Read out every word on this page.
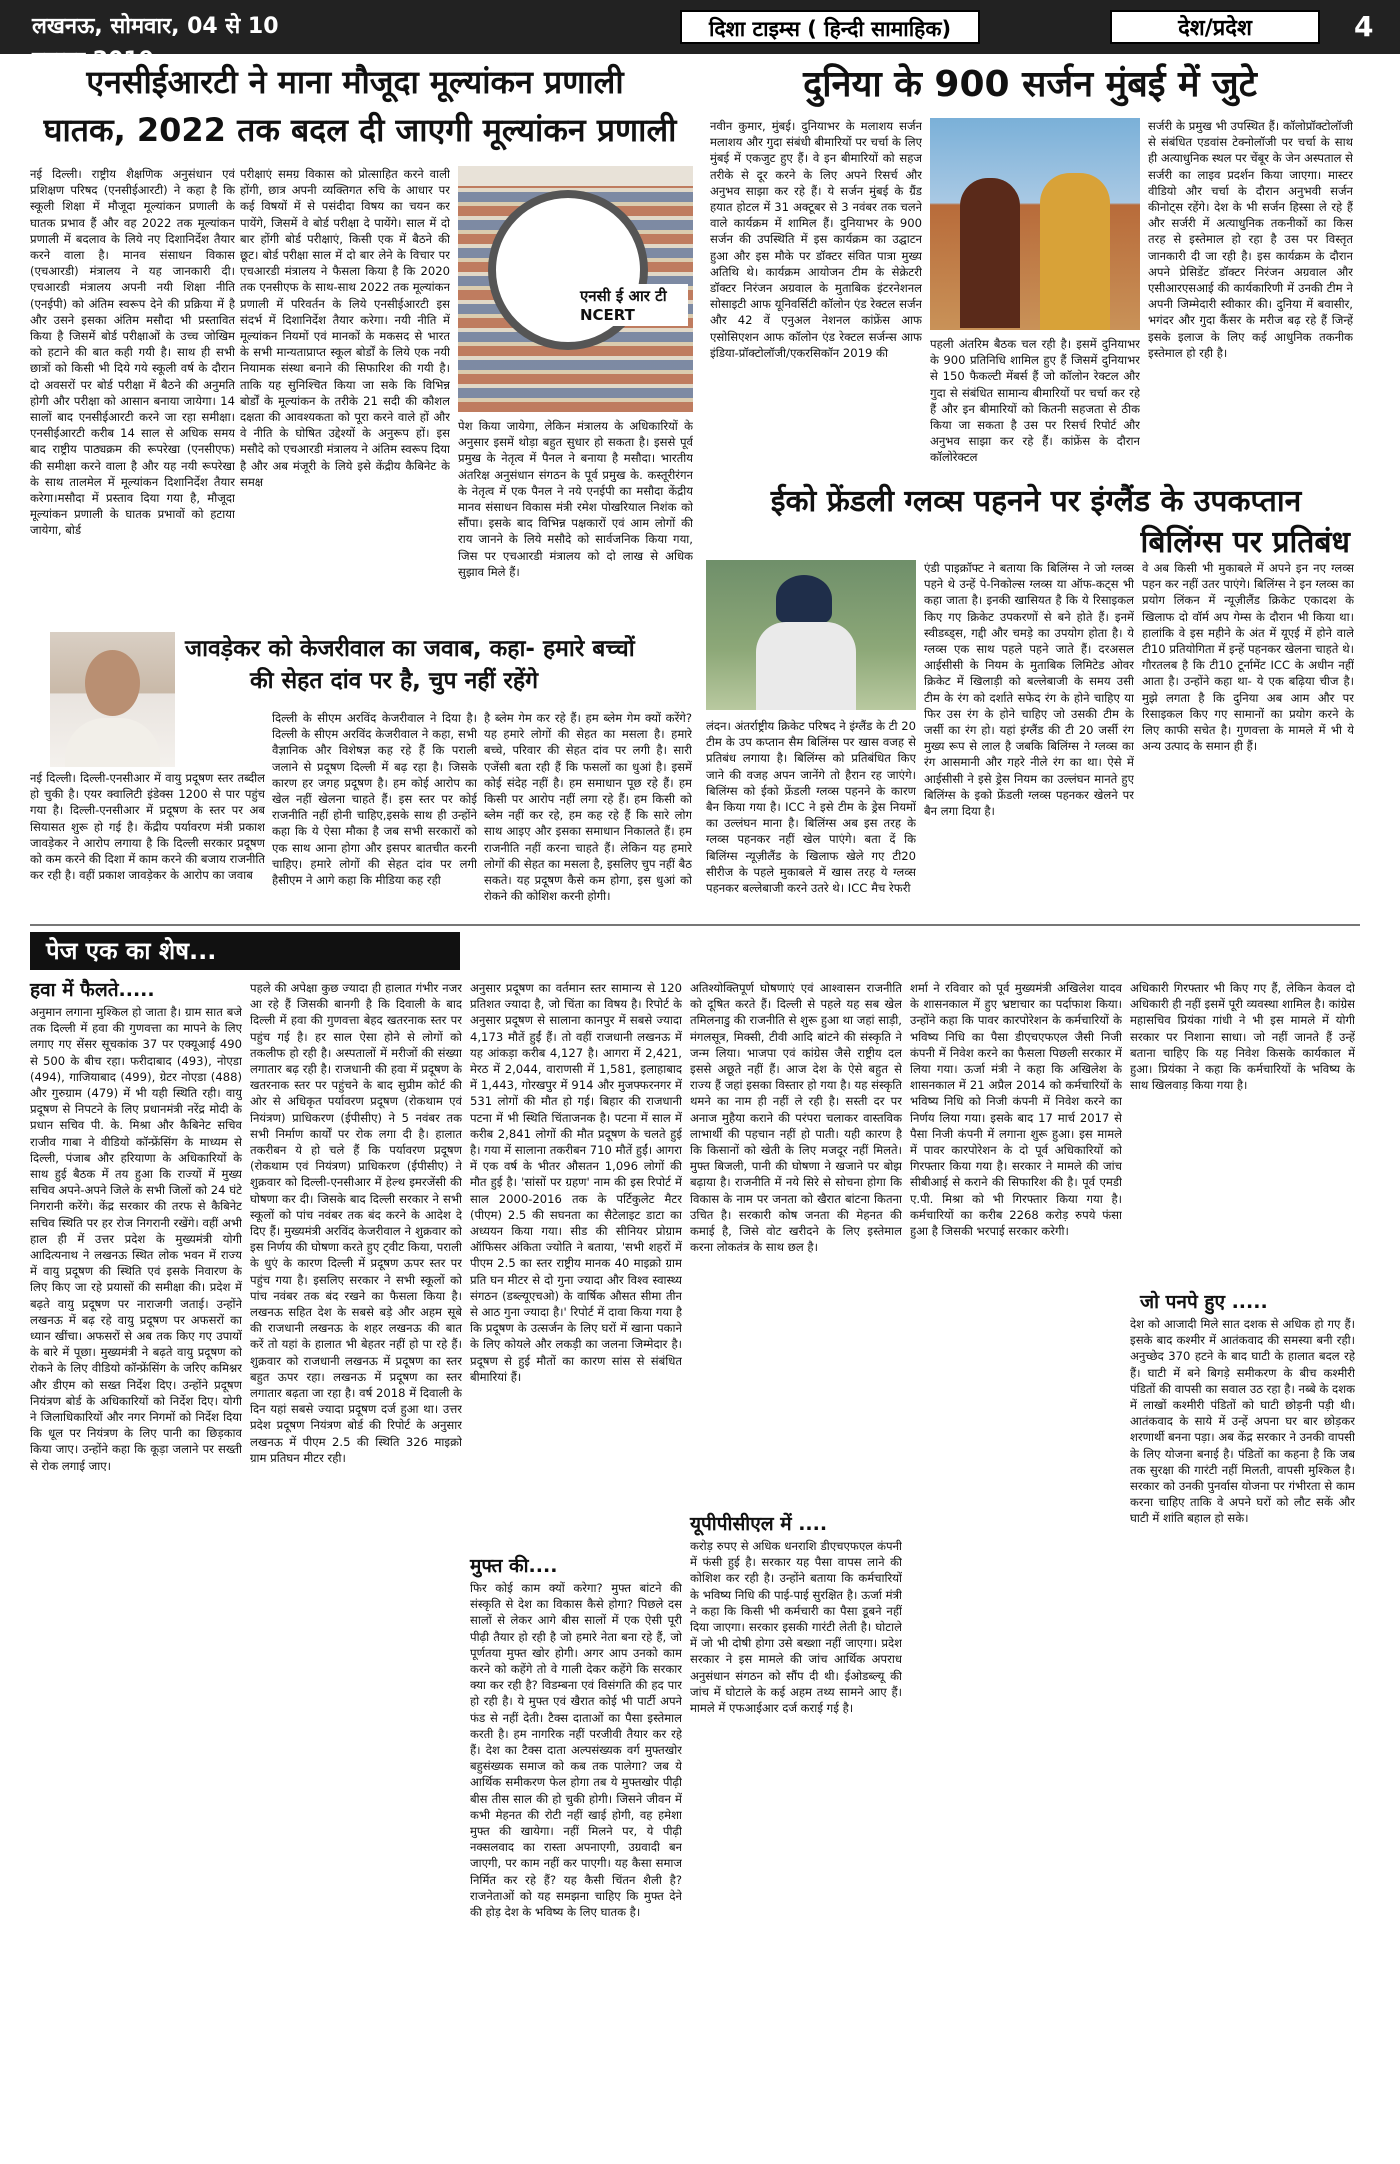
लखनऊ, सोमवार, 04 से 10 नवम्बर 2019
दिशा टाइम्स ( हिन्दी सामाहिक)	देश/प्रदेश	4
एनसीईआरटी ने माना मौजूदा मूल्यांकन प्रणाली
घातक, 2022 तक बदल दी जाएगी मूल्यांकन प्रणाली
नई दिल्ली। राष्ट्रीय शैक्षणिक अनुसंधान एवं प्रशिक्षण परिषद (एनसीईआरटी) ने कहा है कि स्कूली शिक्षा में मौजूदा मूल्यांकन प्रणाली के घातक प्रभाव हैं और वह 2022 तक मूल्यांकन प्रणाली में बदलाव के लिये नए दिशानिर्देश तैयार करने वाला है। मानव संसाधन विकास (एचआरडी) मंत्रालय ने यह जानकारी दी। एचआरडी मंत्रालय अपनी नयी शिक्षा नीति (एनईपी) को अंतिम स्वरूप देने की प्रक्रिया में है और उसने इसका अंतिम मसौदा भी प्रस्तावित किया है जिसमें बोर्ड परीक्षाओं के उच्च जोखिम को हटाने की बात कही गयी है। साथ ही सभी छात्रों को किसी भी दिये गये स्कूली वर्ष के दौरान दो अवसरों पर बोर्ड परीक्षा में बैठने की अनुमति होगी और परीक्षा को आसान बनाया जायेगा। 14 सालों बाद एनसीईआरटी करने जा रहा समीक्षा। एनसीईआरटी करीब 14 साल से अधिक समय बाद राष्ट्रीय पाठ्यक्रम की रूपरेखा (एनसीएफ) की समीक्षा करने वाला है और यह नयी रूपरेखा के साथ तालमेल में मूल्यांकन दिशानिर्देश तैयार करेगा।मसौदा में प्रस्ताव दिया गया है, मौजूदा मूल्यांकन प्रणाली के घातक प्रभावों को हटाया जायेगा, बोर्ड
परीक्षाएं समग्र विकास को प्रोत्साहित करने वाली होंगी, छात्र अपनी व्यक्तिगत रुचि के आधार पर कई विषयों में से पसंदीदा विषय का चयन कर पायेंगे, जिसमें वे बोर्ड परीक्षा दे पायेंगे। साल में दो बार होंगी बोर्ड परीक्षाएं, किसी एक में बैठने की छूट। बोर्ड परीक्षा साल में दो बार लेने के विचार पर एचआरडी मंत्रालय ने फैसला किया है कि 2020 तक एनसीएफ के साथ-साथ 2022 तक मूल्यांकन प्रणाली में परिवर्तन के लिये एनसीईआरटी इस संदर्भ में दिशानिर्देश तैयार करेगा। नयी नीति में मूल्यांकन नियमों एवं मानकों के मकसद से भारत के सभी मान्यताप्राप्त स्कूल बोर्डों के लिये एक नयी नियामक संस्था बनाने की सिफारिश की गयी है। ताकि यह सुनिश्चित किया जा सके कि विभिन्न बोर्डों के मूल्यांकन के तरीके 21 सदी की कौशल दक्षता की आवश्यकता को पूरा करने वाले हों और वे नीति के घोषित उद्देश्यों के अनुरूप हों। इस मसौदे को एचआरडी मंत्रालय ने अंतिम स्वरूप दिया है और अब मंजूरी के लिये इसे केंद्रीय कैबिनेट के समक्ष
एनसी ई आर टी NCERT
पेश किया जायेगा, लेकिन मंत्रालय के अधिकारियों के अनुसार इसमें थोड़ा बहुत सुधार हो सकता है। इससे पूर्व प्रमुख के नेतृत्व में पैनल ने बनाया है मसौदा। भारतीय अंतरिक्ष अनुसंधान संगठन के पूर्व प्रमुख के. कस्तूरीरंगन के नेतृत्व में एक पैनल ने नये एनईपी का मसौदा केंद्रीय मानव संसाधन विकास मंत्री रमेश पोखरियाल निशंक को सौंपा। इसके बाद विभिन्न पक्षकारों एवं आम लोगों की राय जानने के लिये मसौदे को सार्वजनिक किया गया, जिस पर एचआरडी मंत्रालय को दो लाख से अधिक सुझाव मिले हैं।
जावड़ेकर को केजरीवाल का जवाब, कहा- हमारे बच्चों
की सेहत दांव पर है, चुप नहीं रहेंगे
नई दिल्ली। दिल्ली-एनसीआर में वायु प्रदूषण स्तर तब्दील हो चुकी है। एयर क्वालिटी इंडेक्स 1200 से पार पहुंच गया है। दिल्ली-एनसीआर में प्रदूषण के स्तर पर अब सियासत शुरू हो गई है। केंद्रीय पर्यावरण मंत्री प्रकाश जावड़ेकर ने आरोप लगाया है कि दिल्ली सरकार प्रदूषण को कम करने की दिशा में काम करने की बजाय राजनीति कर रही है। वहीं प्रकाश जावड़ेकर के आरोप का जवाब
दिल्ली के सीएम अरविंद केजरीवाल ने दिया है। दिल्ली के सीएम अरविंद केजरीवाल ने कहा, सभी वैज्ञानिक और विशेषज्ञ कह रहे हैं कि पराली जलाने से प्रदूषण दिल्ली में बढ़ रहा है। जिसके कारण हर जगह प्रदूषण है। हम कोई आरोप का खेल नहीं खेलना चाहते हैं। इस स्तर पर कोई राजनीति नहीं होनी चाहिए,इसके साथ ही उन्होंने कहा कि ये ऐसा मौका है जब सभी सरकारों को एक साथ आना होगा और इसपर बातचीत करनी चाहिए। हमारे लोगों की सेहत दांव पर लगी हैसीएम ने आगे कहा कि मीडिया कह रही
है ब्लेम गेम कर रहे हैं। हम ब्लेम गेम क्यों करेंगे? यह हमारे लोगों की सेहत का मसला है। हमारे बच्चे, परिवार की सेहत दांव पर लगी है। सारी एजेंसी बता रही हैं कि फसलों का धुआं है। इसमें कोई संदेह नहीं है। हम समाधान पूछ रहे हैं। हम किसी पर आरोप नहीं लगा रहे हैं। हम किसी को ब्लेम नहीं कर रहे, हम कह रहे हैं कि सारे लोग साथ आइए और इसका समाधान निकालते हैं। हम राजनीति नहीं करना चाहते हैं। लेकिन यह हमारे लोगों की सेहत का मसला है, इसलिए चुप नहीं बैठ सकते। यह प्रदूषण कैसे कम होगा, इस धुआं को रोकने की कोशिश करनी होगी।
दुनिया के 900 सर्जन मुंबई में जुटे
नवीन कुमार, मुंबई। दुनियाभर के मलाशय सर्जन मलाशय और गुदा संबंधी बीमारियों पर चर्चा के लिए मुंबई में एकजुट हुए हैं। वे इन बीमारियों को सहज तरीके से दूर करने के लिए अपने रिसर्च और अनुभव साझा कर रहे हैं। ये सर्जन मुंबई के ग्रैंड हयात होटल में 31 अक्टूबर से 3 नवंबर तक चलने वाले कार्यक्रम में शामिल हैं। दुनियाभर के 900 सर्जन की उपस्थिति में इस कार्यक्रम का उद्घाटन हुआ और इस मौके पर डॉक्टर संवित पात्रा मुख्य अतिथि थे। कार्यक्रम आयोजन टीम के सेक्रेटरी डॉक्टर निरंजन अग्रवाल के मुताबिक इंटरनेशनल सोसाइटी आफ यूनिवर्सिटी कॉलोन एंड रेक्टल सर्जन और 42 वें एनुअल नेशनल कांफ्रेंस आफ एसोसिएशन आफ कॉलोन एंड रेक्टल सर्जन्स आफ इंडिया-प्रॉक्टोलॉजी/एकरसिकॉन 2019 की
पहली अंतरिम बैठक चल रही है। इसमें दुनियाभर के 900 प्रतिनिधि शामिल हुए हैं जिसमें दुनियाभर से 150 फैकल्टी मेंबर्स हैं जो कॉलोन रेक्टल और गुदा से संबंधित सामान्य बीमारियों पर चर्चा कर रहे हैं और इन बीमारियों को कितनी सहजता से ठीक किया जा सकता है उस पर रिसर्च रिपोर्ट और अनुभव साझा कर रहे हैं। कांफ्रेंस के दौरान कॉलोरेक्टल
सर्जरी के प्रमुख भी उपस्थित हैं। कॉलोप्रॉक्टोलॉजी से संबंधित एडवांस टेक्नोलॉजी पर चर्चा के साथ ही अत्याधुनिक स्थल पर चेंबूर के जेन अस्पताल से सर्जरी का लाइव प्रदर्शन किया जाएगा। मास्टर वीडियो और चर्चा के दौरान अनुभवी सर्जन कीनोट्स रहेंगे। देश के भी सर्जन हिस्सा ले रहे हैं और सर्जरी में अत्याधुनिक तकनीकों का किस तरह से इस्तेमाल हो रहा है उस पर विस्तृत जानकारी दी जा रही है। इस कार्यक्रम के दौरान अपने प्रेसिडेंट डॉक्टर निरंजन अग्रवाल और एसीआरएसआई की कार्यकारिणी में उनकी टीम ने अपनी जिम्मेदारी स्वीकार की। दुनिया में बवासीर, भगंदर और गुदा कैंसर के मरीज बढ़ रहे हैं जिन्हें इसके इलाज के लिए कई आधुनिक तकनीक इस्तेमाल हो रही है।
ईको फ्रेंडली ग्लव्स पहनने पर इंग्लैंड के उपकप्तान
बिलिंग्स पर प्रतिबंध
लंदन। अंतर्राष्ट्रीय क्रिकेट परिषद ने इंग्लैंड के टी 20 टीम के उप कप्तान सैम बिलिंग्स पर खास वजह से प्रतिबंध लगाया है। बिलिंग्स को प्रतिबंधित किए जाने की वजह अपन जानेंगे तो हैरान रह जाएंगे। बिलिंग्स को ईको फ्रेंडली ग्लव्स पहनने के कारण बैन किया गया है। ICC ने इसे टीम के ड्रेस नियमों का उल्लंघन माना है। बिलिंग्स अब इस तरह के ग्लव्स पहनकर नहीं खेल पाएंगे। बता दें कि बिलिंग्स न्यूज़ीलैंड के खिलाफ खेले गए टी20 सीरीज के पहले मुकाबले में खास तरह ये ग्लव्स पहनकर बल्लेबाजी करने उतरे थे। ICC मैच रेफरी
एंडी पाइक्रॉफ्ट ने बताया कि बिलिंग्स ने जो ग्लव्स पहने थे उन्हें पे-निकोल्स ग्लव्स या ऑफ-कट्स भी कहा जाता है। इनकी खासियत है कि ये रिसाइकल किए गए क्रिकेट उपकरणों से बने होते हैं। इनमें स्वीडब्ड्स, गद्दी और चमड़े का उपयोग होता है। ये ग्लव्स एक साथ पहले पहने जाते हैं। दरअसल आईसीसी के नियम के मुताबिक लिमिटेड ओवर क्रिकेट में खिलाड़ी को बल्लेबाजी के समय उसी टीम के रंग को दर्शाते सफेद रंग के होने चाहिए या फिर उस रंग के होने चाहिए जो उसकी टीम के जर्सी का रंग हो। यहां इंग्लैंड की टी 20 जर्सी रंग मुख्य रूप से लाल है जबकि बिलिंग्स ने ग्लव्स का रंग आसमानी और गहरे नीले रंग का था। ऐसे में आईसीसी ने इसे ड्रेस नियम का उल्लंघन मानते हुए बिलिंग्स के इको फ्रेंडली ग्लव्स पहनकर खेलने पर बैन लगा दिया है।
वे अब किसी भी मुकाबले में अपने इन नए ग्लव्स पहन कर नहीं उतर पाएंगे। बिलिंग्स ने इन ग्लव्स का प्रयोग लिंकन में न्यूज़ीलैंड क्रिकेट एकादश के खिलाफ दो वॉर्म अप गेम्स के दौरान भी किया था। हालांकि वे इस महीने के अंत में यूएई में होने वाले टी10 प्रतियोगिता में इन्हें पहनकर खेलना चाहते थे। गौरतलब है कि टी10 टूर्नामेंट ICC के अधीन नहीं आता है। उन्होंने कहा था- ये एक बढ़िया चीज है। मुझे लगता है कि दुनिया अब आम और पर रिसाइकल किए गए सामानों का प्रयोग करने के लिए काफी सचेत है। गुणवत्ता के मामले में भी ये अन्य उत्पाद के समान ही हैं।
पेज एक का शेष...
हवा में फैलते.....
अनुमान लगाना मुश्किल हो जाता है। ग्राम सात बजे तक दिल्ली में हवा की गुणवत्ता का मापने के लिए लगाए गए सेंसर सूचकांक 37 पर एक्यूआई 490 से 500 के बीच रहा। फरीदाबाद (493), नोएडा (494), गाजियाबाद (499), ग्रेटर नोएडा (488) और गुरुग्राम (479) में भी यही स्थिति रही। वायु प्रदूषण से निपटने के लिए प्रधानमंत्री नरेंद्र मोदी के प्रधान सचिव पी. के. मिश्रा और कैबिनेट सचिव राजीव गाबा ने वीडियो कॉन्फ्रेंसिंग के माध्यम से दिल्ली, पंजाब और हरियाणा के अधिकारियों के साथ हुई बैठक में तय हुआ कि राज्यों में मुख्य सचिव अपने-अपने जिले के सभी जिलों को 24 घंटे निगरानी करेंगे। केंद्र सरकार की तरफ से कैबिनेट सचिव स्थिति पर हर रोज निगरानी रखेंगे। वहीं अभी हाल ही में उत्तर प्रदेश के मुख्यमंत्री योगी आदित्यनाथ ने लखनऊ स्थित लोक भवन में राज्य में वायु प्रदूषण की स्थिति एवं इसके निवारण के लिए किए जा रहे प्रयासों की समीक्षा की। प्रदेश में बढ़ते वायु प्रदूषण पर नाराजगी जताई। उन्होंने लखनऊ में बढ़ रहे वायु प्रदूषण पर अफसरों का ध्यान खींचा। अफसरों से अब तक किए गए उपायों के बारे में पूछा। मुख्यमंत्री ने बढ़ते वायु प्रदूषण को रोकने के लिए वीडियो कॉन्फ्रेंसिंग के जरिए कमिश्नर और डीएम को सख्त निर्देश दिए। उन्होंने प्रदूषण नियंत्रण बोर्ड के अधिकारियों को निर्देश दिए। योगी ने जिलाधिकारियों और नगर निगमों को निर्देश दिया कि धूल पर नियंत्रण के लिए पानी का छिड़काव किया जाए। उन्होंने कहा कि कूड़ा जलाने पर सख्ती से रोक लगाई जाए।
पहले की अपेक्षा कुछ ज्यादा ही हालात गंभीर नजर आ रहे हैं जिसकी बानगी है कि दिवाली के बाद दिल्ली में हवा की गुणवत्ता बेहद खतरनाक स्तर पर पहुंच गई है। हर साल ऐसा होने से लोगों को तकलीफ हो रही है। अस्पतालों में मरीजों की संख्या लगातार बढ़ रही है। राजधानी की हवा में प्रदूषण के खतरनाक स्तर पर पहुंचने के बाद सुप्रीम कोर्ट की ओर से अधिकृत पर्यावरण प्रदूषण (रोकथाम एवं नियंत्रण) प्राधिकरण (ईपीसीए) ने 5 नवंबर तक सभी निर्माण कार्यों पर रोक लगा दी है। हालात तकरीबन ये हो चले हैं कि पर्यावरण प्रदूषण (रोकथाम एवं नियंत्रण) प्राधिकरण (ईपीसीए) ने शुक्रवार को दिल्ली-एनसीआर में हेल्थ इमरजेंसी की घोषणा कर दी। जिसके बाद दिल्ली सरकार ने सभी स्कूलों को पांच नवंबर तक बंद करने के आदेश दे दिए हैं। मुख्यमंत्री अरविंद केजरीवाल ने शुक्रवार को इस निर्णय की घोषणा करते हुए ट्वीट किया, पराली के धुएं के कारण दिल्ली में प्रदूषण ऊपर स्तर पर पहुंच गया है। इसलिए सरकार ने सभी स्कूलों को पांच नवंबर तक बंद रखने का फैसला किया है। लखनऊ सहित देश के सबसे बड़े और अहम सूबे की राजधानी लखनऊ के शहर लखनऊ की बात करें तो यहां के हालात भी बेहतर नहीं हो पा रहे हैं। शुक्रवार को राजधानी लखनऊ में प्रदूषण का स्तर बहुत ऊपर रहा। लखनऊ में प्रदूषण का स्तर लगातार बढ़ता जा रहा है। वर्ष 2018 में दिवाली के दिन यहां सबसे ज्यादा प्रदूषण दर्ज हुआ था। उत्तर प्रदेश प्रदूषण नियंत्रण बोर्ड की रिपोर्ट के अनुसार लखनऊ में पीएम 2.5 की स्थिति 326 माइक्रो ग्राम प्रतिघन मीटर रही।
अनुसार प्रदूषण का वर्तमान स्तर सामान्य से 120 प्रतिशत ज्यादा है, जो चिंता का विषय है। रिपोर्ट के अनुसार प्रदूषण से सालाना कानपुर में सबसे ज्यादा 4,173 मौतें हुईं हैं। तो वहीं राजधानी लखनऊ में यह आंकड़ा करीब 4,127 है। आगरा में 2,421, मेरठ में 2,044, वाराणसी में 1,581, इलाहाबाद में 1,443, गोरखपुर में 914 और मुजफ्फरनगर में 531 लोगों की मौत हो गई। बिहार की राजधानी पटना में भी स्थिति चिंताजनक है। पटना में साल में करीब 2,841 लोगों की मौत प्रदूषण के चलते हुई है। गया में सालाना तकरीबन 710 मौतें हुईं। आगरा में एक वर्ष के भीतर औसतन 1,096 लोगों की मौत हुई है। 'सांसों पर ग्रहण' नाम की इस रिपोर्ट में साल 2000-2016 तक के पर्टिकुलेट मैटर (पीएम) 2.5 की सघनता का सैटेलाइट डाटा का अध्ययन किया गया। सीड की सीनियर प्रोग्राम ऑफिसर अंकिता ज्योति ने बताया, 'सभी शहरों में पीएम 2.5 का स्तर राष्ट्रीय मानक 40 माइक्रो ग्राम प्रति घन मीटर से दो गुना ज्यादा और विश्व स्वास्थ्य संगठन (डब्ल्यूएचओ) के वार्षिक औसत सीमा तीन से आठ गुना ज्यादा है।' रिपोर्ट में दावा किया गया है कि प्रदूषण के उत्सर्जन के लिए घरों में खाना पकाने के लिए कोयले और लकड़ी का जलना जिम्मेदार है। प्रदूषण से हुई मौतों का कारण सांस से संबंधित बीमारियां हैं।
मुफ्त की....
फिर कोई काम क्यों करेगा? मुफ्त बांटने की संस्कृति से देश का विकास कैसे होगा? पिछले दस सालों से लेकर आगे बीस सालों में एक ऐसी पूरी पीढ़ी तैयार हो रही है जो हमारे नेता बना रहे हैं, जो पूर्णतया मुफ्त खोर होगी। अगर आप उनको काम करने को कहेंगे तो वे गाली देकर कहेंगे कि सरकार क्या कर रही है? विडम्बना एवं विसंगति की हद पार हो रही है। ये मुफ्त एवं खैरात कोई भी पार्टी अपने फंड से नहीं देती। टैक्स दाताओं का पैसा इस्तेमाल करती है। हम नागरिक नहीं परजीवी तैयार कर रहे हैं। देश का टैक्स दाता अल्पसंख्यक वर्ग मुफ्तखोर बहुसंख्यक समाज को कब तक पालेगा? जब ये आर्थिक समीकरण फेल होगा तब ये मुफ्तखोर पीढ़ी बीस तीस साल की हो चुकी होगी। जिसने जीवन में कभी मेहनत की रोटी नहीं खाई होगी, वह हमेशा मुफ्त की खायेगा। नहीं मिलने पर, ये पीढ़ी नक्सलवाद का रास्ता अपनाएगी, उग्रवादी बन जाएगी, पर काम नहीं कर पाएगी। यह कैसा समाज निर्मित कर रहे हैं? यह कैसी चिंतन शैली है? राजनेताओं को यह समझना चाहिए कि मुफ्त देने की होड़ देश के भविष्य के लिए घातक है।
अतिश्योक्तिपूर्ण घोषणाएं एवं आश्वासन राजनीति को दूषित करते हैं। दिल्ली से पहले यह सब खेल तमिलनाडु की राजनीति से शुरू हुआ था जहां साड़ी, मंगलसूत्र, मिक्सी, टीवी आदि बांटने की संस्कृति ने जन्म लिया। भाजपा एवं कांग्रेस जैसे राष्ट्रीय दल इससे अछूते नहीं हैं। आज देश के ऐसे बहुत से राज्य हैं जहां इसका विस्तार हो गया है। यह संस्कृति थमने का नाम ही नहीं ले रही है। सस्ती दर पर अनाज मुहैया कराने की परंपरा चलाकर वास्तविक लाभार्थी की पहचान नहीं हो पाती। यही कारण है कि किसानों को खेती के लिए मजदूर नहीं मिलते। मुफ्त बिजली, पानी की घोषणा ने खजाने पर बोझ बढ़ाया है। राजनीति में नये सिरे से सोचना होगा कि विकास के नाम पर जनता को खैरात बांटना कितना उचित है। सरकारी कोष जनता की मेहनत की कमाई है, जिसे वोट खरीदने के लिए इस्तेमाल करना लोकतंत्र के साथ छल है।
यूपीपीसीएल में ....
करोड़ रुपए से अधिक धनराशि डीएचएफएल कंपनी में फंसी हुई है। सरकार यह पैसा वापस लाने की कोशिश कर रही है। उन्होंने बताया कि कर्मचारियों के भविष्य निधि की पाई-पाई सुरक्षित है। ऊर्जा मंत्री ने कहा कि किसी भी कर्मचारी का पैसा डूबने नहीं दिया जाएगा। सरकार इसकी गारंटी लेती है। घोटाले में जो भी दोषी होगा उसे बख्शा नहीं जाएगा। प्रदेश सरकार ने इस मामले की जांच आर्थिक अपराध अनुसंधान संगठन को सौंप दी थी। ईओडब्ल्यू की जांच में घोटाले के कई अहम तथ्य सामने आए हैं। मामले में एफआईआर दर्ज कराई गई है।
शर्मा ने रविवार को पूर्व मुख्यमंत्री अखिलेश यादव के शासनकाल में हुए भ्रष्टाचार का पर्दाफाश किया। उन्होंने कहा कि पावर कारपोरेशन के कर्मचारियों के भविष्य निधि का पैसा डीएचएफएल जैसी निजी कंपनी में निवेश करने का फैसला पिछली सरकार में लिया गया। ऊर्जा मंत्री ने कहा कि अखिलेश के शासनकाल में 21 अप्रैल 2014 को कर्मचारियों के भविष्य निधि को निजी कंपनी में निवेश करने का निर्णय लिया गया। इसके बाद 17 मार्च 2017 से पैसा निजी कंपनी में लगाना शुरू हुआ। इस मामले में पावर कारपोरेशन के दो पूर्व अधिकारियों को गिरफ्तार किया गया है। सरकार ने मामले की जांच सीबीआई से कराने की सिफारिश की है। पूर्व एमडी ए.पी. मिश्रा को भी गिरफ्तार किया गया है। कर्मचारियों का करीब 2268 करोड़ रुपये फंसा हुआ है जिसकी भरपाई सरकार करेगी।
अधिकारी गिरफ्तार भी किए गए हैं, लेकिन केवल दो अधिकारी ही नहीं इसमें पूरी व्यवस्था शामिल है। कांग्रेस महासचिव प्रियंका गांधी ने भी इस मामले में योगी सरकार पर निशाना साधा। जो नहीं जानते हैं उन्हें बताना चाहिए कि यह निवेश किसके कार्यकाल में हुआ। प्रियंका ने कहा कि कर्मचारियों के भविष्य के साथ खिलवाड़ किया गया है।
जो पनपे हुए .....
देश को आजादी मिले सात दशक से अधिक हो गए हैं। इसके बाद कश्मीर में आतंकवाद की समस्या बनी रही। अनुच्छेद 370 हटने के बाद घाटी के हालात बदल रहे हैं। घाटी में बने बिगड़े समीकरण के बीच कश्मीरी पंडितों की वापसी का सवाल उठ रहा है। नब्बे के दशक में लाखों कश्मीरी पंडितों को घाटी छोड़नी पड़ी थी। आतंकवाद के साये में उन्हें अपना घर बार छोड़कर शरणार्थी बनना पड़ा। अब केंद्र सरकार ने उनकी वापसी के लिए योजना बनाई है। पंडितों का कहना है कि जब तक सुरक्षा की गारंटी नहीं मिलती, वापसी मुश्किल है। सरकार को उनकी पुनर्वास योजना पर गंभीरता से काम करना चाहिए ताकि वे अपने घरों को लौट सकें और घाटी में शांति बहाल हो सके।
